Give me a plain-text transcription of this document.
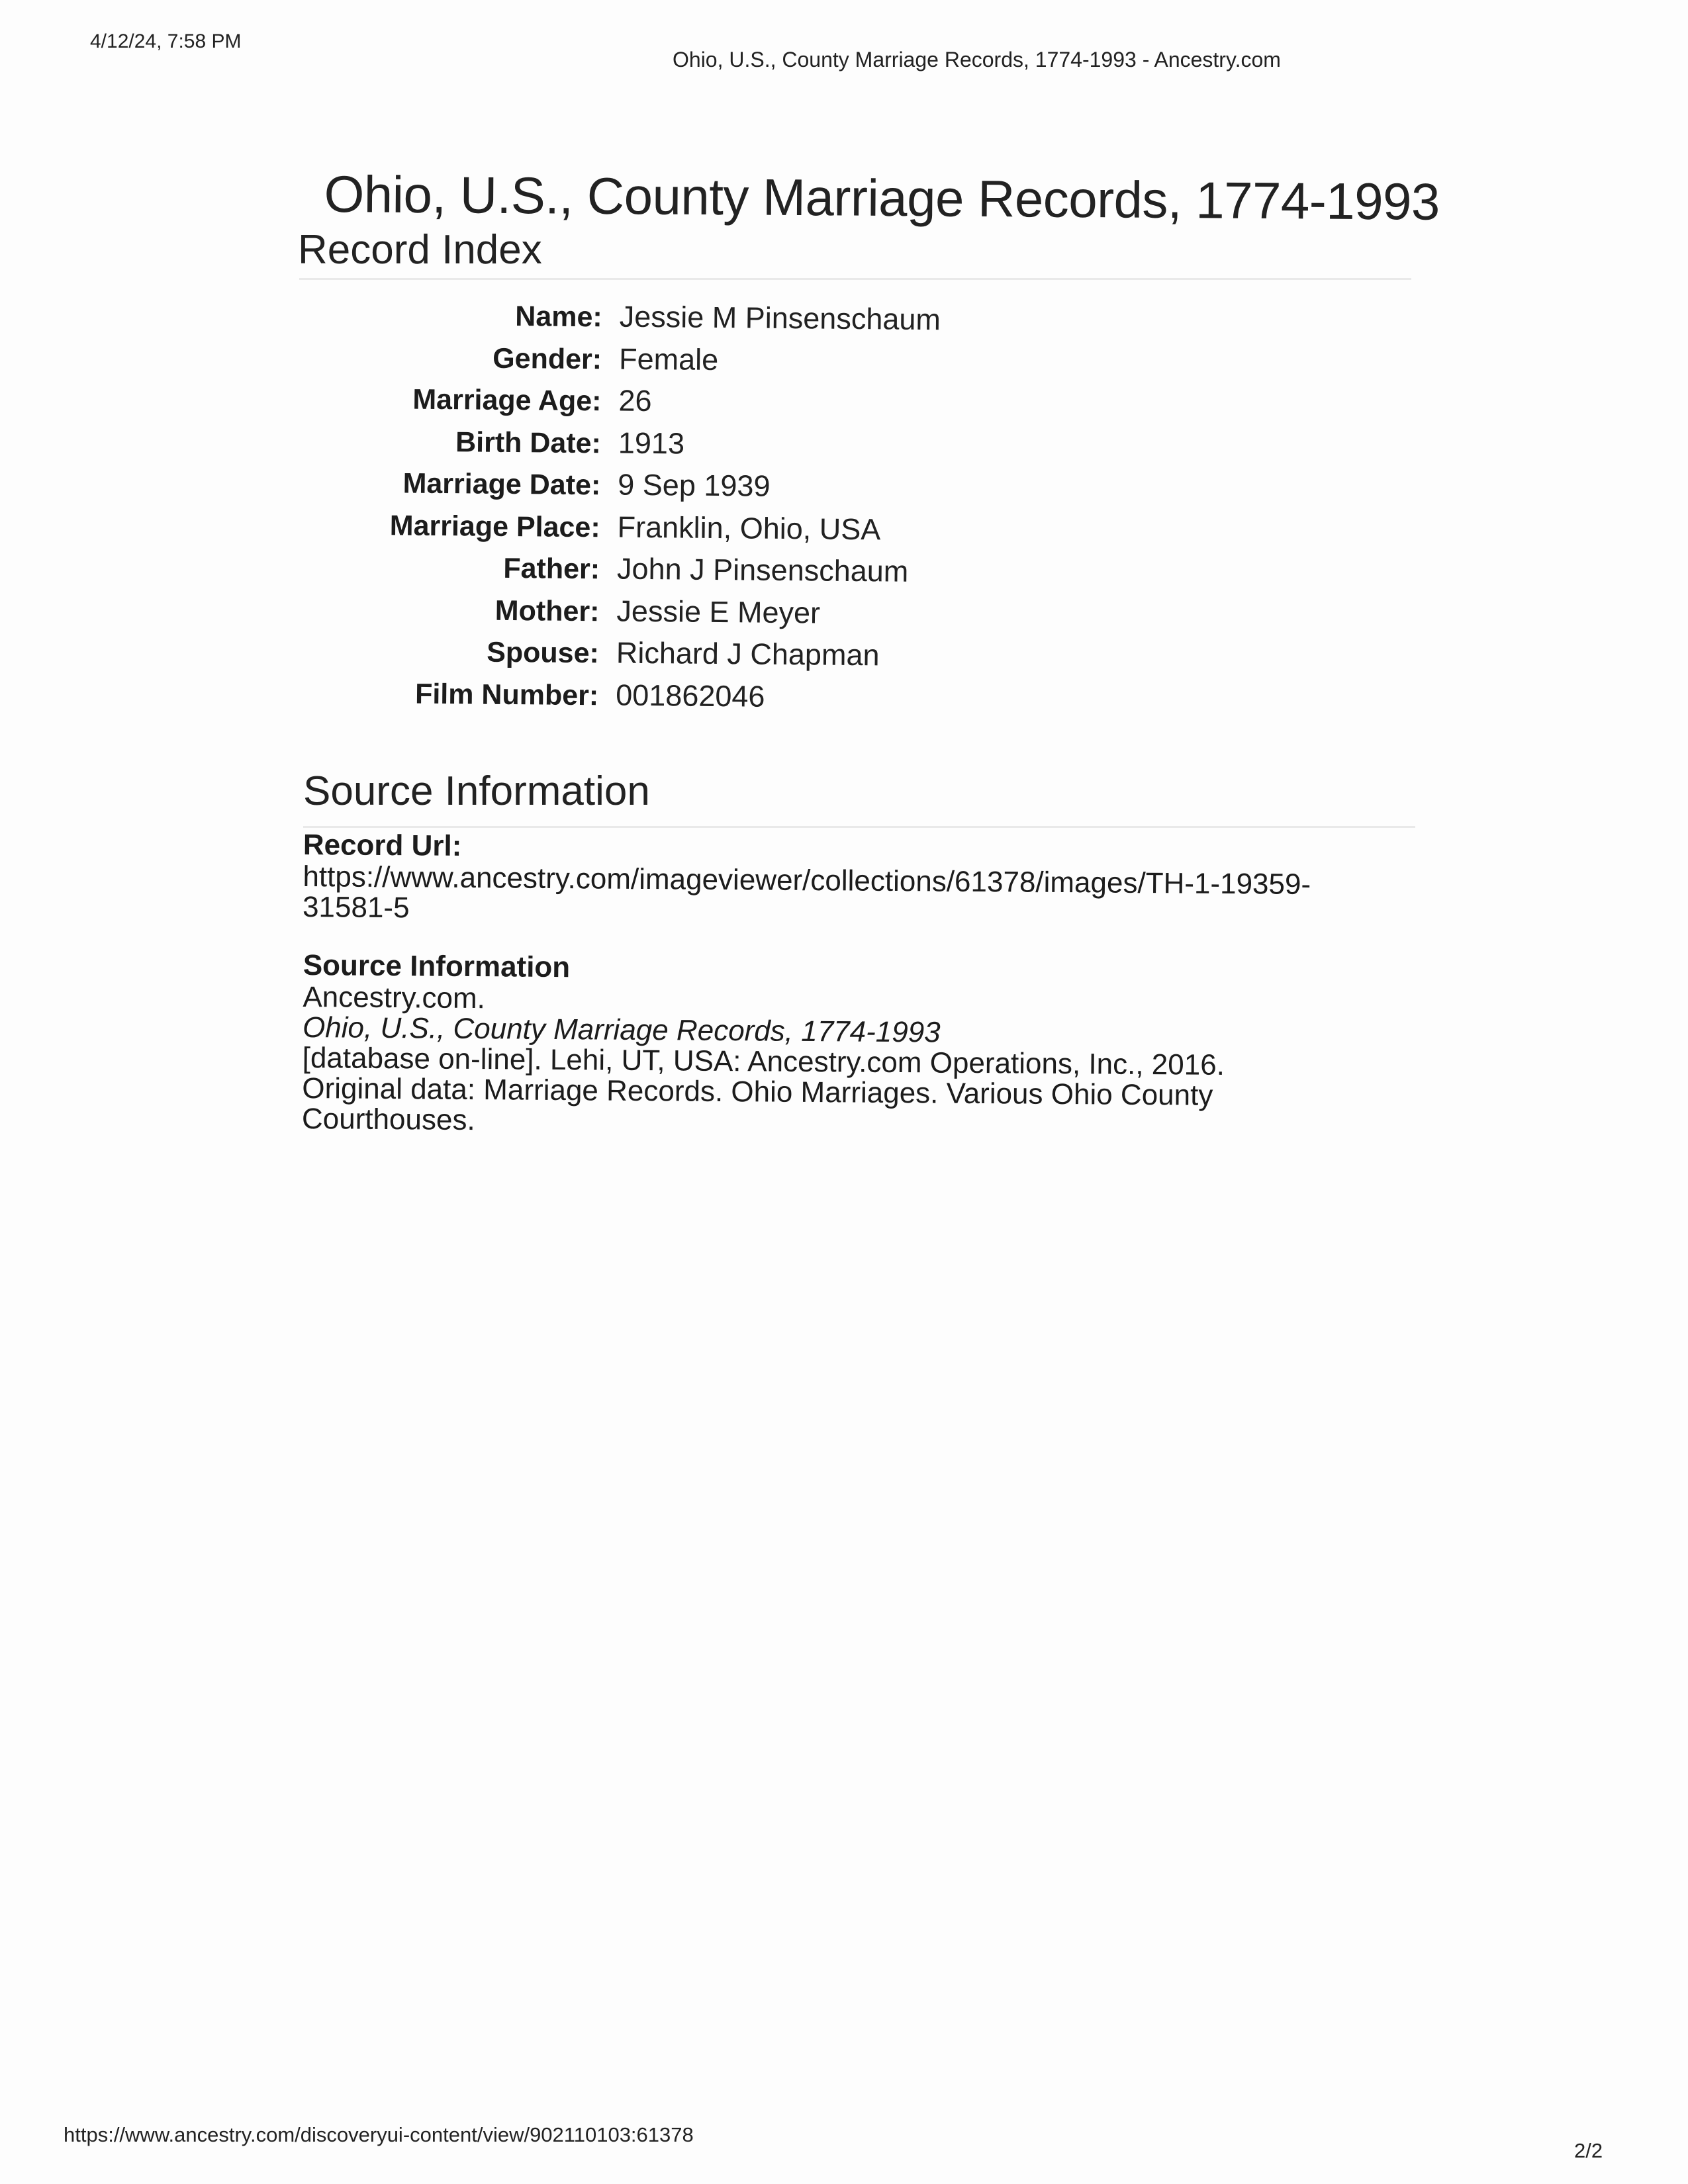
4/12/24, 7:58 PM
Ohio, U.S., County Marriage Records, 1774-1993 - Ancestry.com
Ohio, U.S., County Marriage Records, 1774-1993
Record Index
Name: Jessie M Pinsenschaum
Gender: Female
Marriage Age: 26
Birth Date: 1913
Marriage Date: 9 Sep 1939
Marriage Place: Franklin, Ohio, USA
Father: John J Pinsenschaum
Mother: Jessie E Meyer
Spouse: Richard J Chapman
Film Number: 001862046
Source Information
Record Url:
https://www.ancestry.com/imageviewer/collections/61378/images/TH-1-19359-
31581-5
Source Information
Ancestry.com.
Ohio, U.S., County Marriage Records, 1774-1993
[database on-line]. Lehi, UT, USA: Ancestry.com Operations, Inc., 2016.
Original data: Marriage Records. Ohio Marriages. Various Ohio County
Courthouses.
https://www.ancestry.com/discoveryui-content/view/902110103:61378
2/2
